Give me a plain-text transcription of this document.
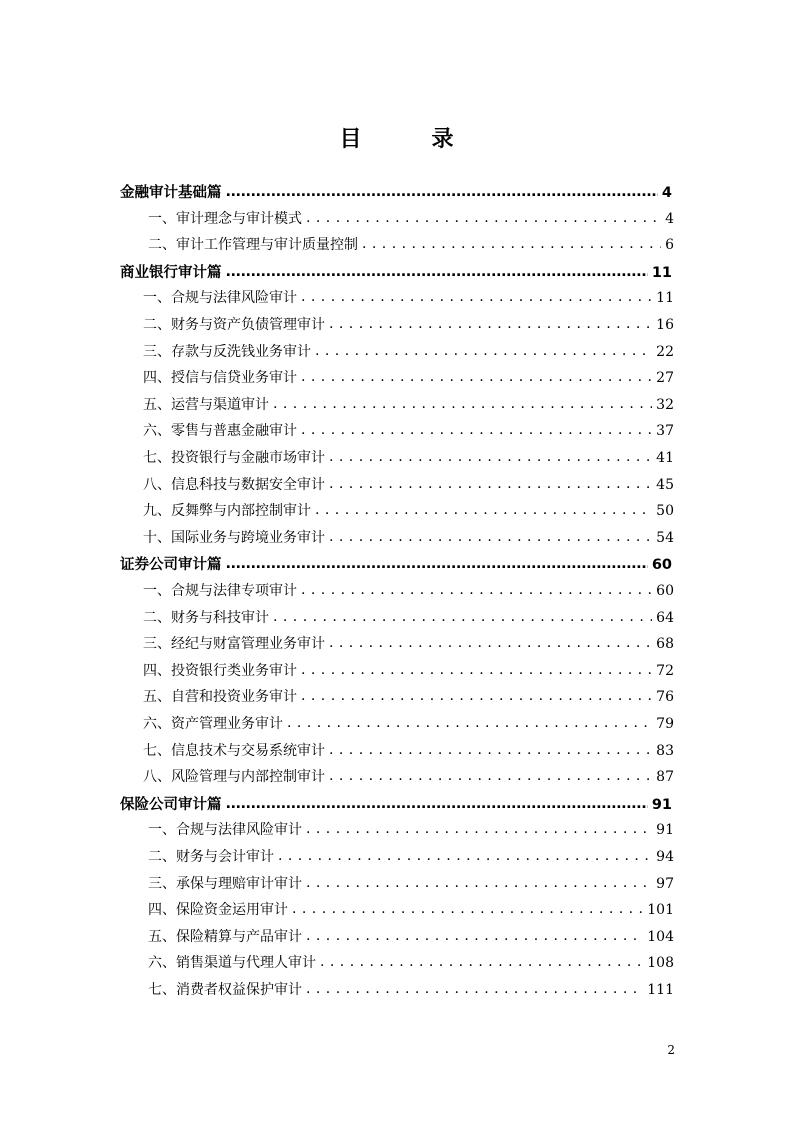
目	录
金融审计基础篇 .....	4
一、审计理念与审计模式 . . .	4
二、审计工作管理与审计质量控制 . . .	6
商业银行审计篇 .....	11
一、合规与法律风险审计 . . .	11
二、财务与资产负债管理审计 . . .	16
三、存款与反洗钱业务审计 . . .	22
四、授信与信贷业务审计 . . .	27
五、运营与渠道审计 . . .	32
六、零售与普惠金融审计 . . .	37
七、投资银行与金融市场审计 . . .	41
八、信息科技与数据安全审计 . . .	45
九、反舞弊与内部控制审计 . . .	50
十、国际业务与跨境业务审计 . . .	54
证券公司审计篇 .....	60
一、合规与法律专项审计 . . .	60
二、财务与科技审计 . . .	64
三、经纪与财富管理业务审计 . . .	68
四、投资银行类业务审计 . . .	72
五、自营和投资业务审计 . . .	76
六、资产管理业务审计 . . .	79
七、信息技术与交易系统审计 . . .	83
八、风险管理与内部控制审计 . . .	87
保险公司审计篇 .....	91
一、合规与法律风险审计 . . .	91
二、财务与会计审计 . . .	94
三、承保与理赔审计审计 . . .	97
四、保险资金运用审计 . . .	101
五、保险精算与产品审计 . . .	104
六、销售渠道与代理人审计 . . .	108
七、消费者权益保护审计 . . .	111
2
